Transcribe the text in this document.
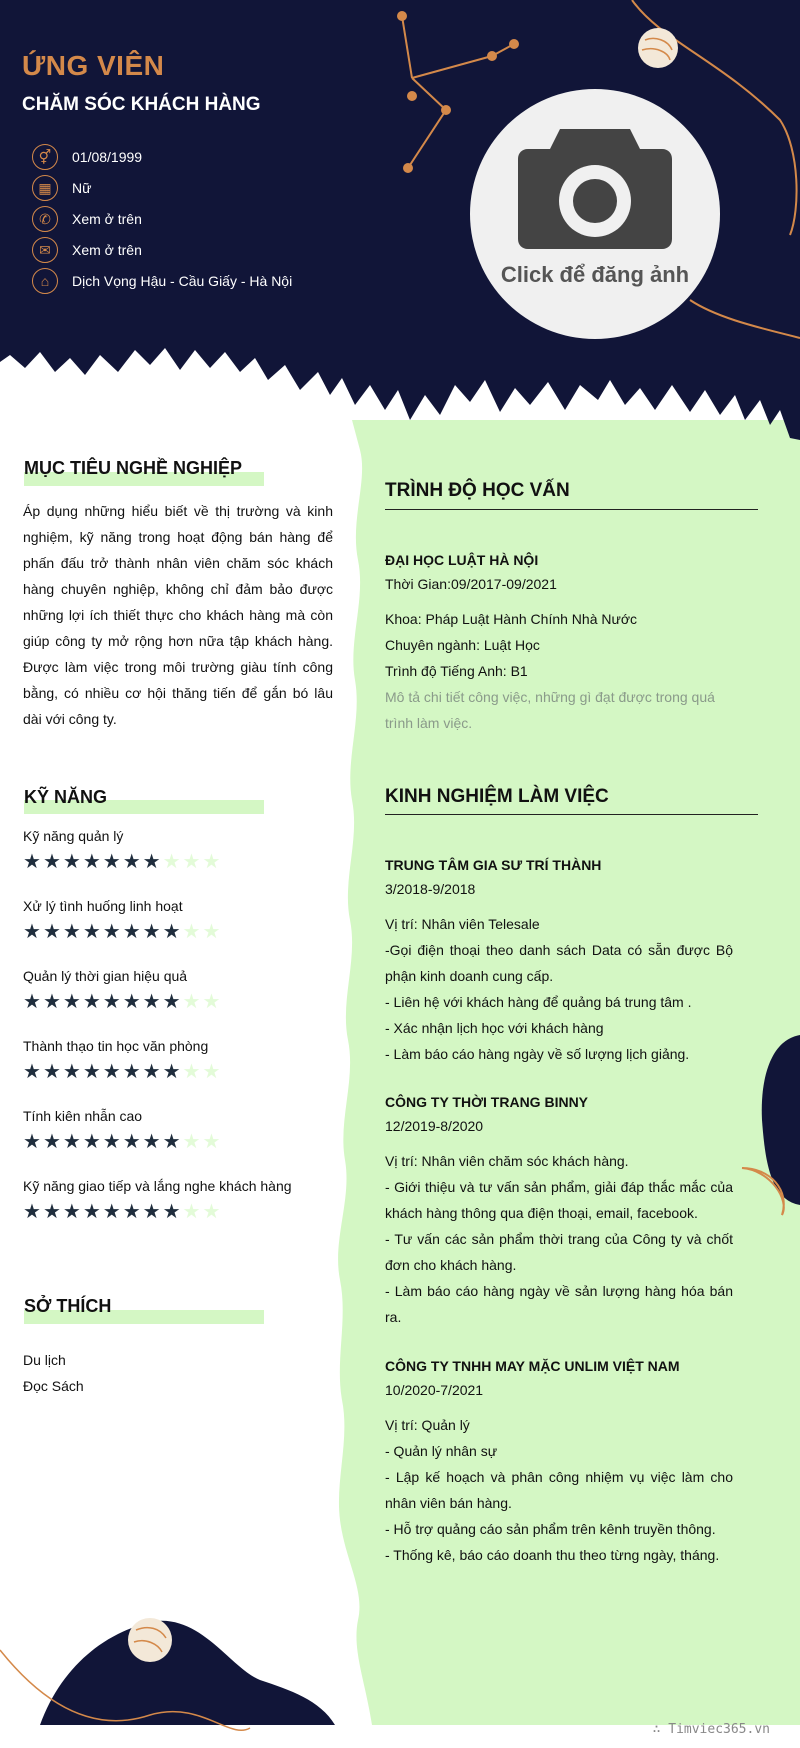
ỨNG VIÊN
CHĂM SÓC KHÁCH HÀNG
⚥	01/08/1999
▦	Nữ
✆	Xem ở trên
✉	Xem ở trên
⌂	Dịch Vọng Hậu - Cầu Giấy - Hà Nội	Click để đăng ảnh
MỤC TIÊU NGHỀ NGHIỆP
Áp dụng những hiểu biết về thị trường và kinh nghiệm, kỹ năng trong hoạt động bán hàng để phấn đấu trở thành nhân viên chăm sóc khách hàng chuyên nghiệp, không chỉ đảm bảo được những lợi ích thiết thực cho khách hàng mà còn giúp công ty mở rộng hơn nữa tập khách hàng. Được làm việc trong môi trường giàu tính công bằng, có nhiều cơ hội thăng tiến để gắn bó lâu dài với công ty.
KỸ NĂNG
Kỹ năng quản lý
★ ★ ★ ★ ★ ★ ★ ★ ★ ★
Xử lý tình huống linh hoạt
★ ★ ★ ★ ★ ★ ★ ★ ★ ★
Quản lý thời gian hiệu quả
★ ★ ★ ★ ★ ★ ★ ★ ★ ★
Thành thạo tin học văn phòng
★ ★ ★ ★ ★ ★ ★ ★ ★ ★
Tính kiên nhẫn cao
★ ★ ★ ★ ★ ★ ★ ★ ★ ★
Kỹ năng giao tiếp và lắng nghe khách hàng
★ ★ ★ ★ ★ ★ ★ ★ ★ ★
SỞ THÍCH
Du lịch
Đọc Sách
TRÌNH ĐỘ HỌC VẤN
ĐẠI HỌC LUẬT HÀ NỘI
Thời Gian:09/2017-09/2021
Khoa: Pháp Luật Hành Chính Nhà Nước
Chuyên ngành: Luật Học
Trình độ Tiếng Anh: B1
Mô tả chi tiết công việc, những gì đạt được trong quá trình làm việc.
KINH NGHIỆM LÀM VIỆC
TRUNG TÂM GIA SƯ TRÍ THÀNH
3/2018-9/2018
Vị trí: Nhân viên Telesale
-Gọi điện thoại theo danh sách Data có sẵn được Bộ phận kinh doanh cung cấp.
- Liên hệ với khách hàng để quảng bá trung tâm .
- Xác nhận lịch học với khách hàng
- Làm báo cáo hàng ngày về số lượng lịch giảng.
CÔNG TY THỜI TRANG BINNY
12/2019-8/2020
Vị trí: Nhân viên chăm sóc khách hàng.
- Giới thiệu và tư vấn sản phẩm, giải đáp thắc mắc của khách hàng thông qua điện thoại, email, facebook.
- Tư vấn các sản phẩm thời trang của Công ty và chốt đơn cho khách hàng.
- Làm báo cáo hàng ngày về sản lượng hàng hóa bán ra.
CÔNG TY TNHH MAY MẶC UNLIM VIỆT NAM
10/2020-7/2021
Vị trí: Quản lý
- Quản lý nhân sự
- Lập kế hoạch và phân công nhiệm vụ việc làm cho nhân viên bán hàng.
- Hỗ trợ quảng cáo sản phẩm trên kênh truyền thông.
- Thống kê, báo cáo doanh thu theo từng ngày, tháng.
∴ Timviec365.vn
